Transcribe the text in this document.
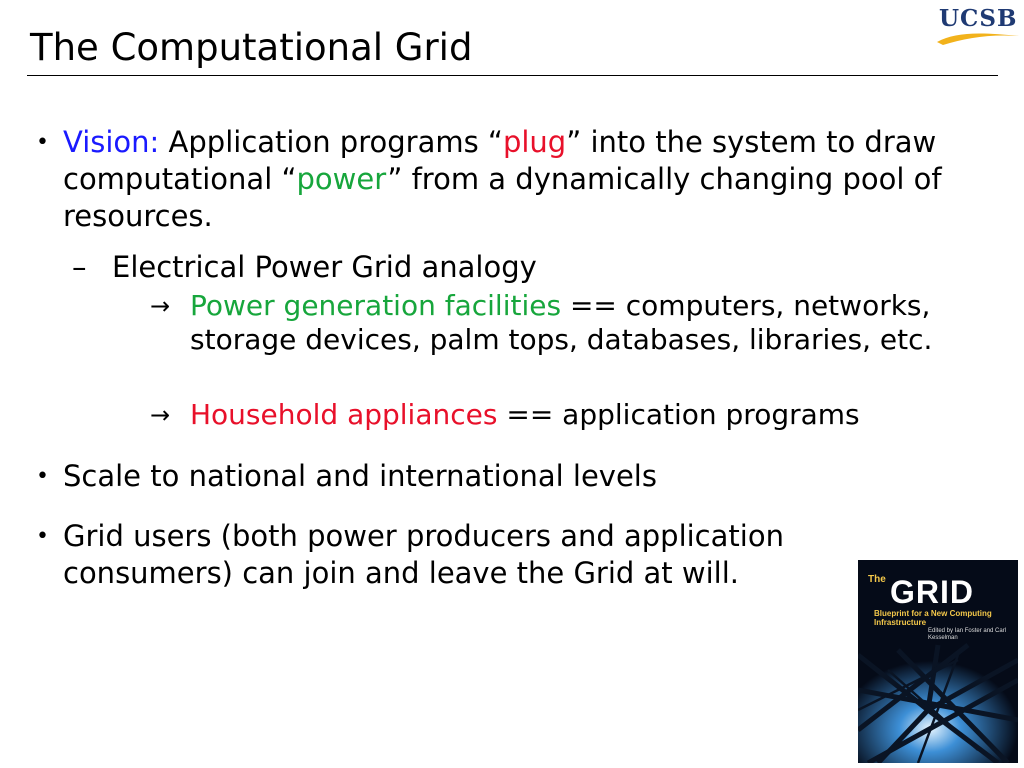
The Computational Grid
UCSB
• Vision: Application programs “plug” into the system to draw computational “power” from a dynamically changing pool of resources.
– Electrical Power Grid analogy
→ Power generation facilities == computers, networks, storage devices, palm tops, databases, libraries, etc.
→ Household appliances == application programs
• Scale to national and international levels
• Grid users (both power producers and application consumers) can join and leave the Grid at will.	The GRID
Blueprint for a New Computing Infrastructure
Edited by Ian Foster and Carl Kesselman
